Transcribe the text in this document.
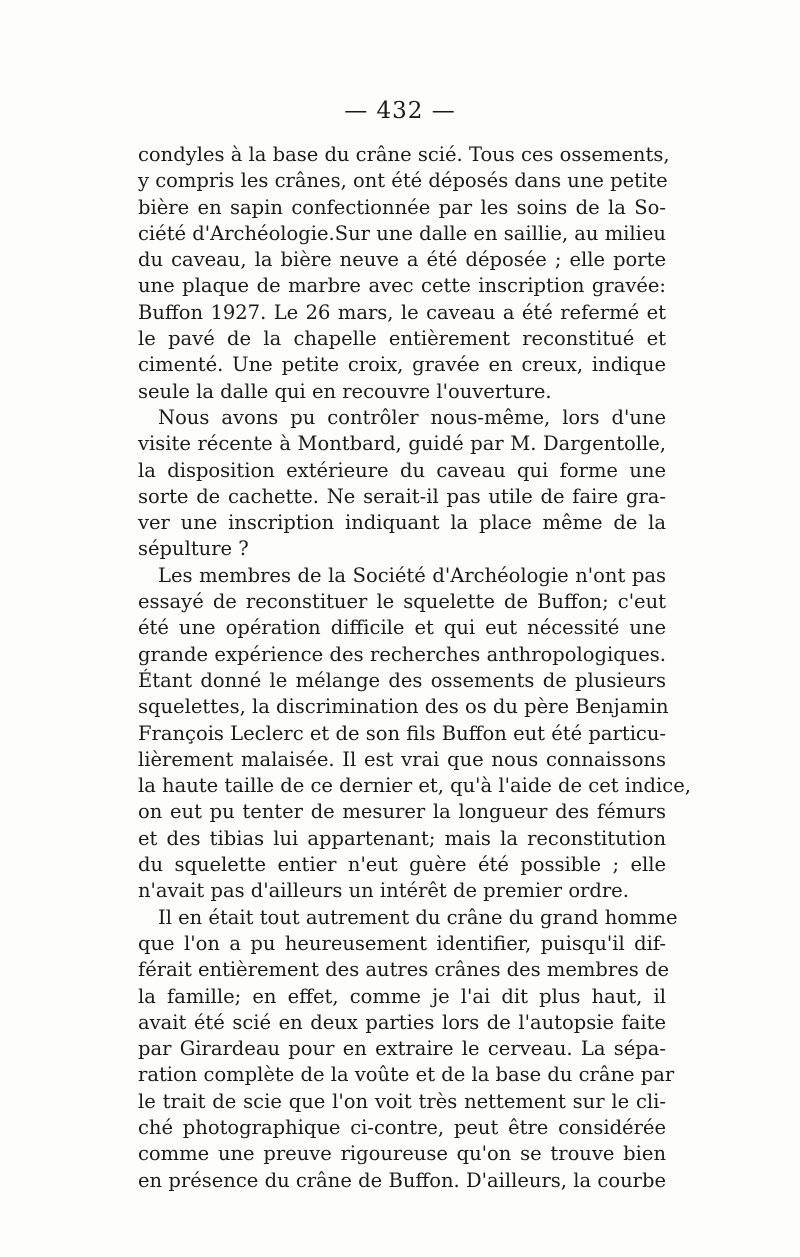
— 432 —
condyles à la base du crâne scié. Tous ces ossements,
y compris les crânes, ont été déposés dans une petite
bière en sapin confectionnée par les soins de la So-
ciété d'Archéologie.Sur une dalle en saillie, au milieu
du caveau, la bière neuve a été déposée ; elle porte
une plaque de marbre avec cette inscription gravée:
Buffon 1927. Le 26 mars, le caveau a été refermé et
le pavé de la chapelle entièrement reconstitué et
cimenté. Une petite croix, gravée en creux, indique
seule la dalle qui en recouvre l'ouverture.
Nous avons pu contrôler nous-même, lors d'une
visite récente à Montbard, guidé par M. Dargentolle,
la disposition extérieure du caveau qui forme une
sorte de cachette. Ne serait-il pas utile de faire gra-
ver une inscription indiquant la place même de la
sépulture ?
Les membres de la Société d'Archéologie n'ont pas
essayé de reconstituer le squelette de Buffon; c'eut
été une opération difficile et qui eut nécessité une
grande expérience des recherches anthropologiques.
Étant donné le mélange des ossements de plusieurs
squelettes, la discrimination des os du père Benjamin
François Leclerc et de son fils Buffon eut été particu-
lièrement malaisée. Il est vrai que nous connaissons
la haute taille de ce dernier et, qu'à l'aide de cet indice,
on eut pu tenter de mesurer la longueur des fémurs
et des tibias lui appartenant; mais la reconstitution
du squelette entier n'eut guère été possible ; elle
n'avait pas d'ailleurs un intérêt de premier ordre.
Il en était tout autrement du crâne du grand homme
que l'on a pu heureusement identifier, puisqu'il dif-
férait entièrement des autres crânes des membres de
la famille; en effet, comme je l'ai dit plus haut, il
avait été scié en deux parties lors de l'autopsie faite
par Girardeau pour en extraire le cerveau. La sépa-
ration complète de la voûte et de la base du crâne par
le trait de scie que l'on voit très nettement sur le cli-
ché photographique ci-contre, peut être considérée
comme une preuve rigoureuse qu'on se trouve bien
en présence du crâne de Buffon. D'ailleurs, la courbe
